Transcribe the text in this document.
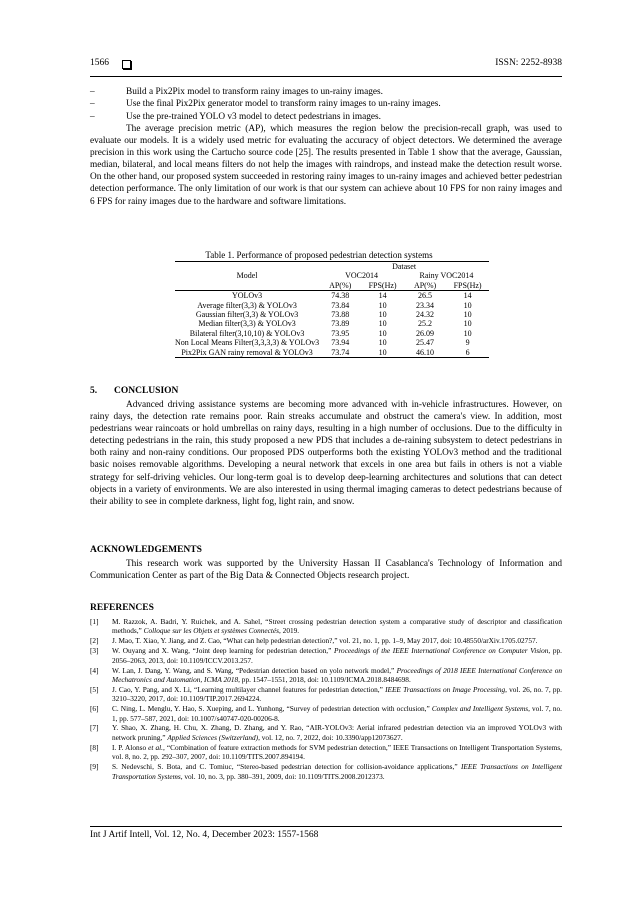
1566	ISSN: 2252-8938
–	Build a Pix2Pix model to transform rainy images to un-rainy images.
–	Use the final Pix2Pix generator model to transform rainy images to un-rainy images.
–	Use the pre-trained YOLO v3 model to detect pedestrians in images.
The average precision metric (AP), which measures the region below the precision-recall graph, was used to evaluate our models. It is a widely used metric for evaluating the accuracy of object detectors. We determined the average precision in this work using the Cartucho source code [25]. The results presented in Table 1 show that the average, Gaussian, median, bilateral, and local means filters do not help the images with raindrops, and instead make the detection result worse. On the other hand, our proposed system succeeded in restoring rainy images to un-rainy images and achieved better pedestrian detection performance. The only limitation of our work is that our system can achieve about 10 FPS for non rainy images and 6 FPS for rainy images due to the hardware and software limitations.
Table 1. Performance of proposed pedestrian detection systems
	Dataset			
Model	VOC2014		Rainy VOC2014	
	AP(%)	FPS(Hz)	AP(%)	FPS(Hz)
YOLOv3	74.38	14	26.5	14
Average filter(3,3) & YOLOv3	73.84	10	23.34	10
Gaussian filter(3,3) & YOLOv3	73.88	10	24.32	10
Median filter(3,3) & YOLOv3	73.89	10	25.2	10
Bilateral filter(3,10,10) & YOLOv3	73.95	10	26.09	10
Non Local Means Filter(3,3,3,3) & YOLOv3	73.94	10	25.47	9
Pix2Pix GAN rainy removal & YOLOv3	73.74	10	46.10	6
5. CONCLUSION
Advanced driving assistance systems are becoming more advanced with in-vehicle infrastructures. However, on rainy days, the detection rate remains poor. Rain streaks accumulate and obstruct the camera's view. In addition, most pedestrians wear raincoats or hold umbrellas on rainy days, resulting in a high number of occlusions. Due to the difficulty in detecting pedestrians in the rain, this study proposed a new PDS that includes a de-raining subsystem to detect pedestrians in both rainy and non-rainy conditions. Our proposed PDS outperforms both the existing YOLOv3 method and the traditional basic noises removable algorithms. Developing a neural network that excels in one area but fails in others is not a viable strategy for self-driving vehicles. Our long-term goal is to develop deep-learning architectures and solutions that can detect objects in a variety of environments. We are also interested in using thermal imaging cameras to detect pedestrians because of their ability to see in complete darkness, light fog, light rain, and snow.
ACKNOWLEDGEMENTS
This research work was supported by the University Hassan II Casablanca's Technology of Information and Communication Center as part of the Big Data & Connected Objects research project.
REFERENCES
[1] M. Razzok, A. Badri, Y. Ruichek, and A. Sahel, “Street crossing pedestrian detection system a comparative study of descriptor and classification methods,” Colloque sur les Objets et systèmes Connectés, 2019.
[2] J. Mao, T. Xiao, Y. Jiang, and Z. Cao, “What can help pedestrian detection?,” vol. 21, no. 1, pp. 1–9, May 2017, doi: 10.48550/arXiv.1705.02757.
[3] W. Ouyang and X. Wang, “Joint deep learning for pedestrian detection,” Proceedings of the IEEE International Conference on Computer Vision, pp. 2056–2063, 2013, doi: 10.1109/ICCV.2013.257.
[4] W. Lan, J. Dang, Y. Wang, and S. Wang, “Pedestrian detection based on yolo network model,” Proceedings of 2018 IEEE International Conference on Mechatronics and Automation, ICMA 2018, pp. 1547–1551, 2018, doi: 10.1109/ICMA.2018.8484698.
[5] J. Cao, Y. Pang, and X. Li, “Learning multilayer channel features for pedestrian detection,” IEEE Transactions on Image Processing, vol. 26, no. 7, pp. 3210–3220, 2017, doi: 10.1109/TIP.2017.2694224.
[6] C. Ning, L. Menglu, Y. Hao, S. Xueping, and L. Yunhong, “Survey of pedestrian detection with occlusion,” Complex and Intelligent Systems, vol. 7, no. 1, pp. 577–587, 2021, doi: 10.1007/s40747-020-00206-8.
[7] Y. Shao, X. Zhang, H. Chu, X. Zhang, D. Zhang, and Y. Rao, “AIR-YOLOv3: Aerial infrared pedestrian detection via an improved YOLOv3 with network pruning,” Applied Sciences (Switzerland), vol. 12, no. 7, 2022, doi: 10.3390/app12073627.
[8] I. P. Alonso et al., “Combination of feature extraction methods for SVM pedestrian detection,” IEEE Transactions on Intelligent Transportation Systems, vol. 8, no. 2, pp. 292–307, 2007, doi: 10.1109/TITS.2007.894194.
[9] S. Nedevschi, S. Bota, and C. Tomiuc, “Stereo-based pedestrian detection for collision-avoidance applications,” IEEE Transactions on Intelligent Transportation Systems, vol. 10, no. 3, pp. 380–391, 2009, doi: 10.1109/TITS.2008.2012373.
Int J Artif Intell, Vol. 12, No. 4, December 2023: 1557-1568
